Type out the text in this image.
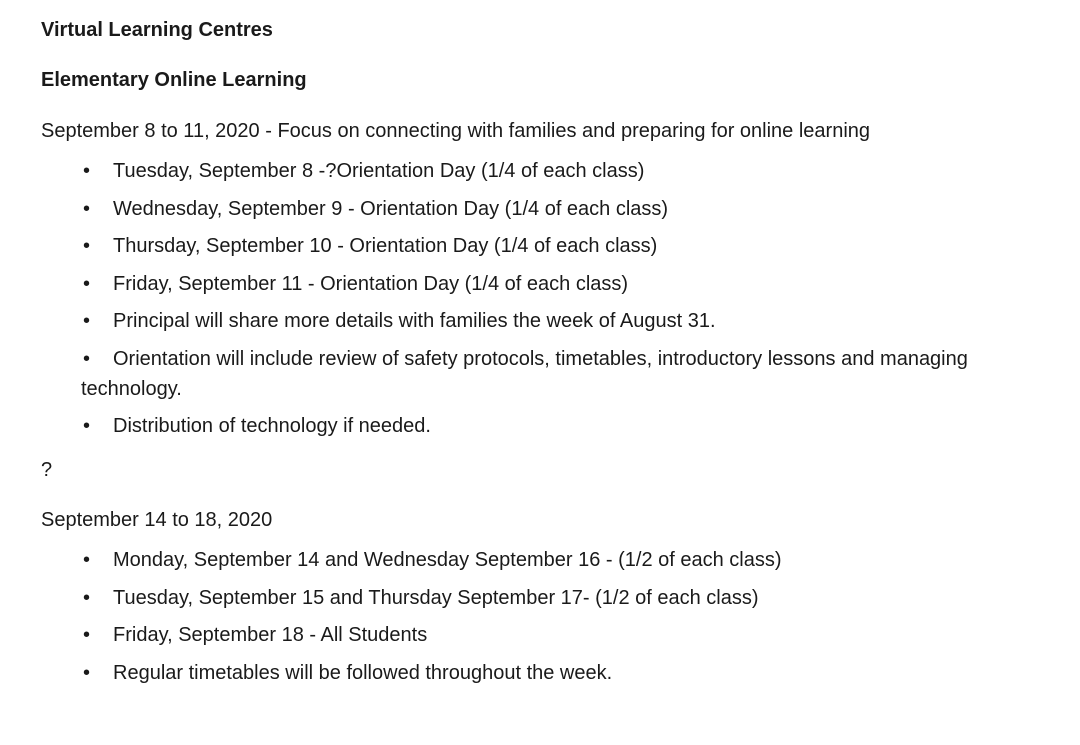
Virtual Learning Centres

Elementary Online Learning

September 8 to 11, 2020 - Focus on connecting with families and preparing for online learning

• Tuesday, September 8 -?Orientation Day (1/4 of each class)
• Wednesday, September 9 - Orientation Day (1/4 of each class)
• Thursday, September 10 - Orientation Day (1/4 of each class)
• Friday, September 11 - Orientation Day (1/4 of each class)
• Principal will share more details with families the week of August 31.
• Orientation will include review of safety protocols, timetables, introductory lessons and managing technology.
• Distribution of technology if needed.

?

September 14 to 18, 2020

• Monday, September 14 and Wednesday September 16 - (1/2 of each class)
• Tuesday, September 15 and Thursday September 17- (1/2 of each class)
• Friday, September 18 - All Students
• Regular timetables will be followed throughout the week.
